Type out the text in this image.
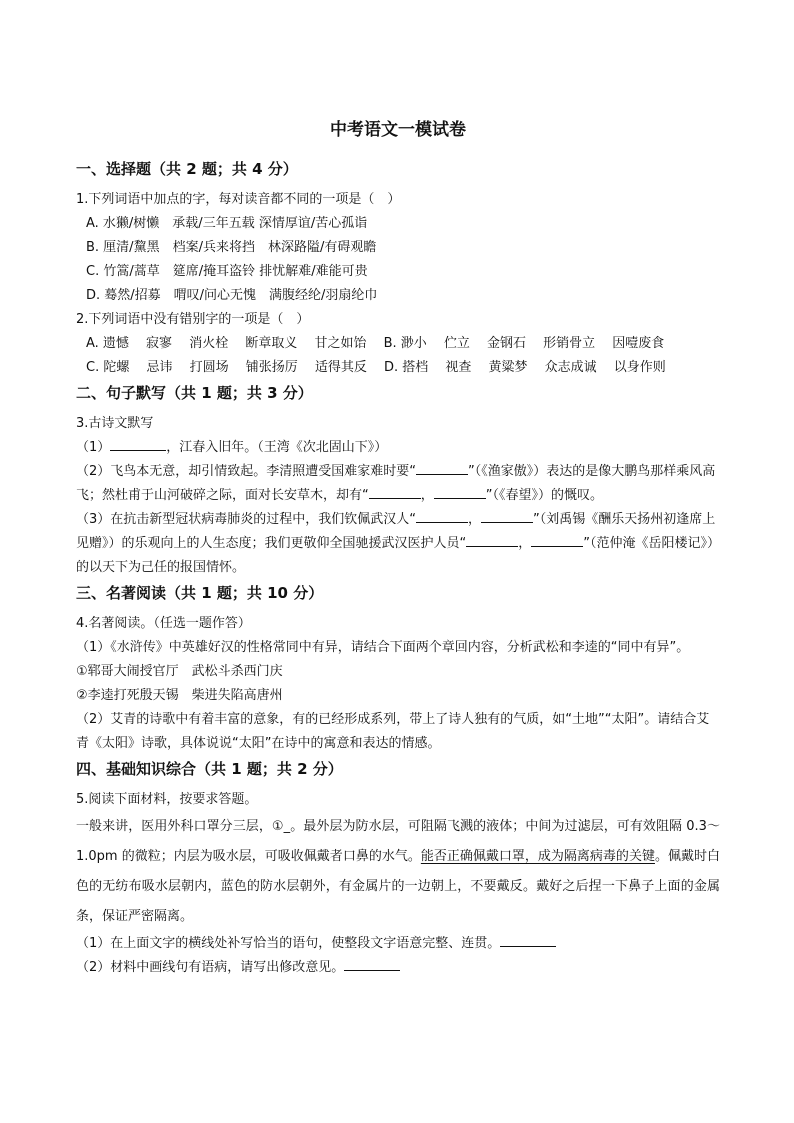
中考语文一模试卷
一、选择题（共 2 题；共 4 分）
1.下列词语中加点的字，每对读音都不同的一项是（　）
A. 水獭/树懒　承载/三年五载 深情厚谊/苦心孤诣
B. 厘清/黧黑　档案/兵来将挡　林深路隘/有碍观瞻
C. 竹篙/蒿草　筵席/掩耳盗铃 排忧解难/难能可贵
D. 蓦然/招募　喟叹/问心无愧　满腹经纶/羽扇纶巾
2.下列词语中没有错别字的一项是（　）
A. 遗憾　 寂寥　 消火栓　 断章取义　 甘之如饴　 B. 渺小　 伫立　 金钢石　 形销骨立　 因噎废食
C. 陀螺　 忌讳　 打圆场　 铺张扬厉　 适得其反　 D. 搭档　 视查　 黄粱梦　 众志成诚　 以身作则
二、句子默写（共 1 题；共 3 分）
3.古诗文默写
（1）	，江春入旧年。（王湾《次北固山下》）
（2）飞鸟本无意，却引情致起。李清照遭受国难家难时要“	”（《渔家傲》）表达的是像大鹏鸟那样乘风高飞；然杜甫于山河破碎之际，面对长安草木，却有“	，	”（《春望》）的慨叹。
（3）在抗击新型冠状病毒肺炎的过程中，我们钦佩武汉人“	，	”（刘禹锡《酬乐天扬州初逢席上见赠》）的乐观向上的人生态度；我们更敬仰全国驰援武汉医护人员“	，	”（范仲淹《岳阳楼记》）的以天下为己任的报国情怀。
三、名著阅读（共 1 题；共 10 分）
4.名著阅读。（任选一题作答）
（1）《水浒传》中英雄好汉的性格常同中有异，请结合下面两个章回内容，分析武松和李逵的“同中有异”。
①郓哥大闹授官厅　武松斗杀西门庆
②李逵打死殷天锡　柴进失陷高唐州
（2）艾青的诗歌中有着丰富的意象，有的已经形成系列，带上了诗人独有的气质，如“土地”“太阳”。请结合艾青《太阳》诗歌，具体说说“太阳”在诗中的寓意和表达的情感。
四、基础知识综合（共 1 题；共 2 分）
5.阅读下面材料，按要求答题。
一般来讲，医用外科口罩分三层，①_。最外层为防水层，可阻隔飞溅的液体；中间为过滤层，可有效阻隔 0.3～1.0pm 的微粒；内层为吸水层，可吸收佩戴者口鼻的水气。能否正确佩戴口罩，成为隔离病毒的关键。佩戴时白色的无纺布吸水层朝内，蓝色的防水层朝外，有金属片的一边朝上，不要戴反。戴好之后捏一下鼻子上面的金属条，保证严密隔离。
（1）在上面文字的横线处补写恰当的语句，使整段文字语意完整、连贯。
（2）材料中画线句有语病，请写出修改意见。
